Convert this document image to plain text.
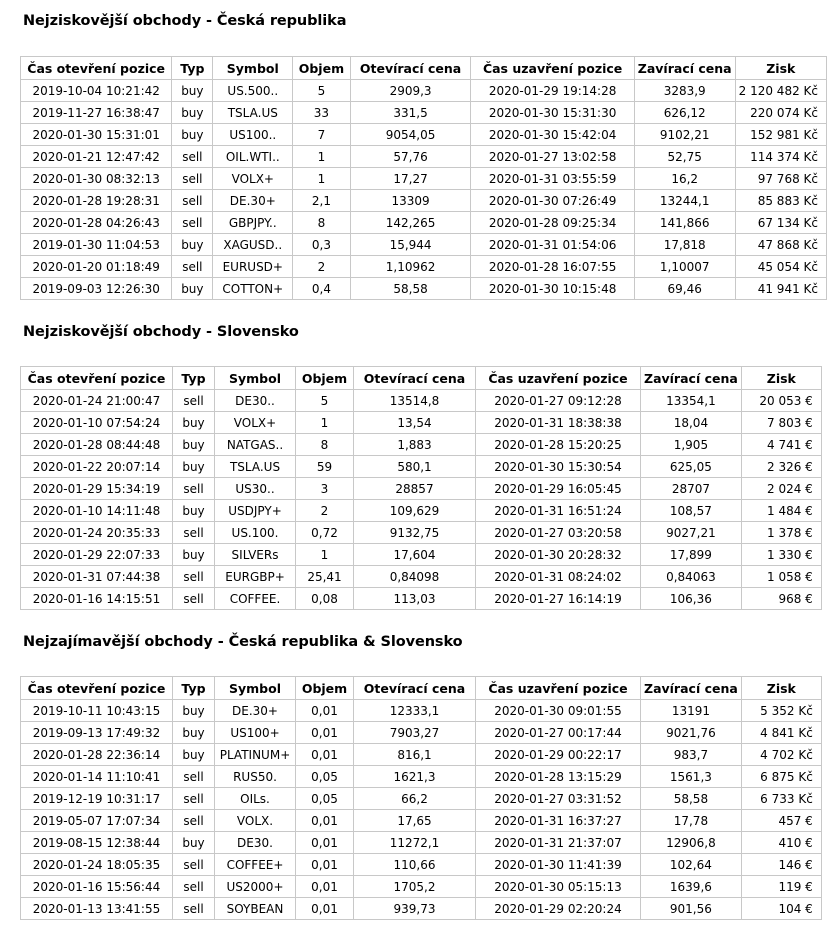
Nejziskovější obchody - Česká republika
Čas otevření pozice	Typ	Symbol	Objem	Otevírací cena	Čas uzavření pozice	Zavírací cena	Zisk
2019-10-04 10:21:42	buy	US.500..	5	2909,3	2020-01-29 19:14:28	3283,9	2 120 482 Kč
2019-11-27 16:38:47	buy	TSLA.US	33	331,5	2020-01-30 15:31:30	626,12	220 074 Kč
2020-01-30 15:31:01	buy	US100..	7	9054,05	2020-01-30 15:42:04	9102,21	152 981 Kč
2020-01-21 12:47:42	sell	OIL.WTI..	1	57,76	2020-01-27 13:02:58	52,75	114 374 Kč
2020-01-30 08:32:13	sell	VOLX+	1	17,27	2020-01-31 03:55:59	16,2	97 768 Kč
2020-01-28 19:28:31	sell	DE.30+	2,1	13309	2020-01-30 07:26:49	13244,1	85 883 Kč
2020-01-28 04:26:43	sell	GBPJPY..	8	142,265	2020-01-28 09:25:34	141,866	67 134 Kč
2019-01-30 11:04:53	buy	XAGUSD..	0,3	15,944	2020-01-31 01:54:06	17,818	47 868 Kč
2020-01-20 01:18:49	sell	EURUSD+	2	1,10962	2020-01-28 16:07:55	1,10007	45 054 Kč
2019-09-03 12:26:30	buy	COTTON+	0,4	58,58	2020-01-30 10:15:48	69,46	41 941 Kč
Nejziskovější obchody - Slovensko
Čas otevření pozice	Typ	Symbol	Objem	Otevírací cena	Čas uzavření pozice	Zavírací cena	Zisk
2020-01-24 21:00:47	sell	DE30..	5	13514,8	2020-01-27 09:12:28	13354,1	20 053 €
2020-01-10 07:54:24	buy	VOLX+	1	13,54	2020-01-31 18:38:38	18,04	7 803 €
2020-01-28 08:44:48	buy	NATGAS..	8	1,883	2020-01-28 15:20:25	1,905	4 741 €
2020-01-22 20:07:14	buy	TSLA.US	59	580,1	2020-01-30 15:30:54	625,05	2 326 €
2020-01-29 15:34:19	sell	US30..	3	28857	2020-01-29 16:05:45	28707	2 024 €
2020-01-10 14:11:48	buy	USDJPY+	2	109,629	2020-01-31 16:51:24	108,57	1 484 €
2020-01-24 20:35:33	sell	US.100.	0,72	9132,75	2020-01-27 03:20:58	9027,21	1 378 €
2020-01-29 22:07:33	buy	SILVERs	1	17,604	2020-01-30 20:28:32	17,899	1 330 €
2020-01-31 07:44:38	sell	EURGBP+	25,41	0,84098	2020-01-31 08:24:02	0,84063	1 058 €
2020-01-16 14:15:51	sell	COFFEE.	0,08	113,03	2020-01-27 16:14:19	106,36	968 €
Nejzajímavější obchody - Česká republika & Slovensko
Čas otevření pozice	Typ	Symbol	Objem	Otevírací cena	Čas uzavření pozice	Zavírací cena	Zisk
2019-10-11 10:43:15	buy	DE.30+	0,01	12333,1	2020-01-30 09:01:55	13191	5 352 Kč
2019-09-13 17:49:32	buy	US100+	0,01	7903,27	2020-01-27 00:17:44	9021,76	4 841 Kč
2020-01-28 22:36:14	buy	PLATINUM+	0,01	816,1	2020-01-29 00:22:17	983,7	4 702 Kč
2020-01-14 11:10:41	sell	RUS50.	0,05	1621,3	2020-01-28 13:15:29	1561,3	6 875 Kč
2019-12-19 10:31:17	sell	OILs.	0,05	66,2	2020-01-27 03:31:52	58,58	6 733 Kč
2019-05-07 17:07:34	sell	VOLX.	0,01	17,65	2020-01-31 16:37:27	17,78	457 €
2019-08-15 12:38:44	buy	DE30.	0,01	11272,1	2020-01-31 21:37:07	12906,8	410 €
2020-01-24 18:05:35	sell	COFFEE+	0,01	110,66	2020-01-30 11:41:39	102,64	146 €
2020-01-16 15:56:44	sell	US2000+	0,01	1705,2	2020-01-30 05:15:13	1639,6	119 €
2020-01-13 13:41:55	sell	SOYBEAN	0,01	939,73	2020-01-29 02:20:24	901,56	104 €
